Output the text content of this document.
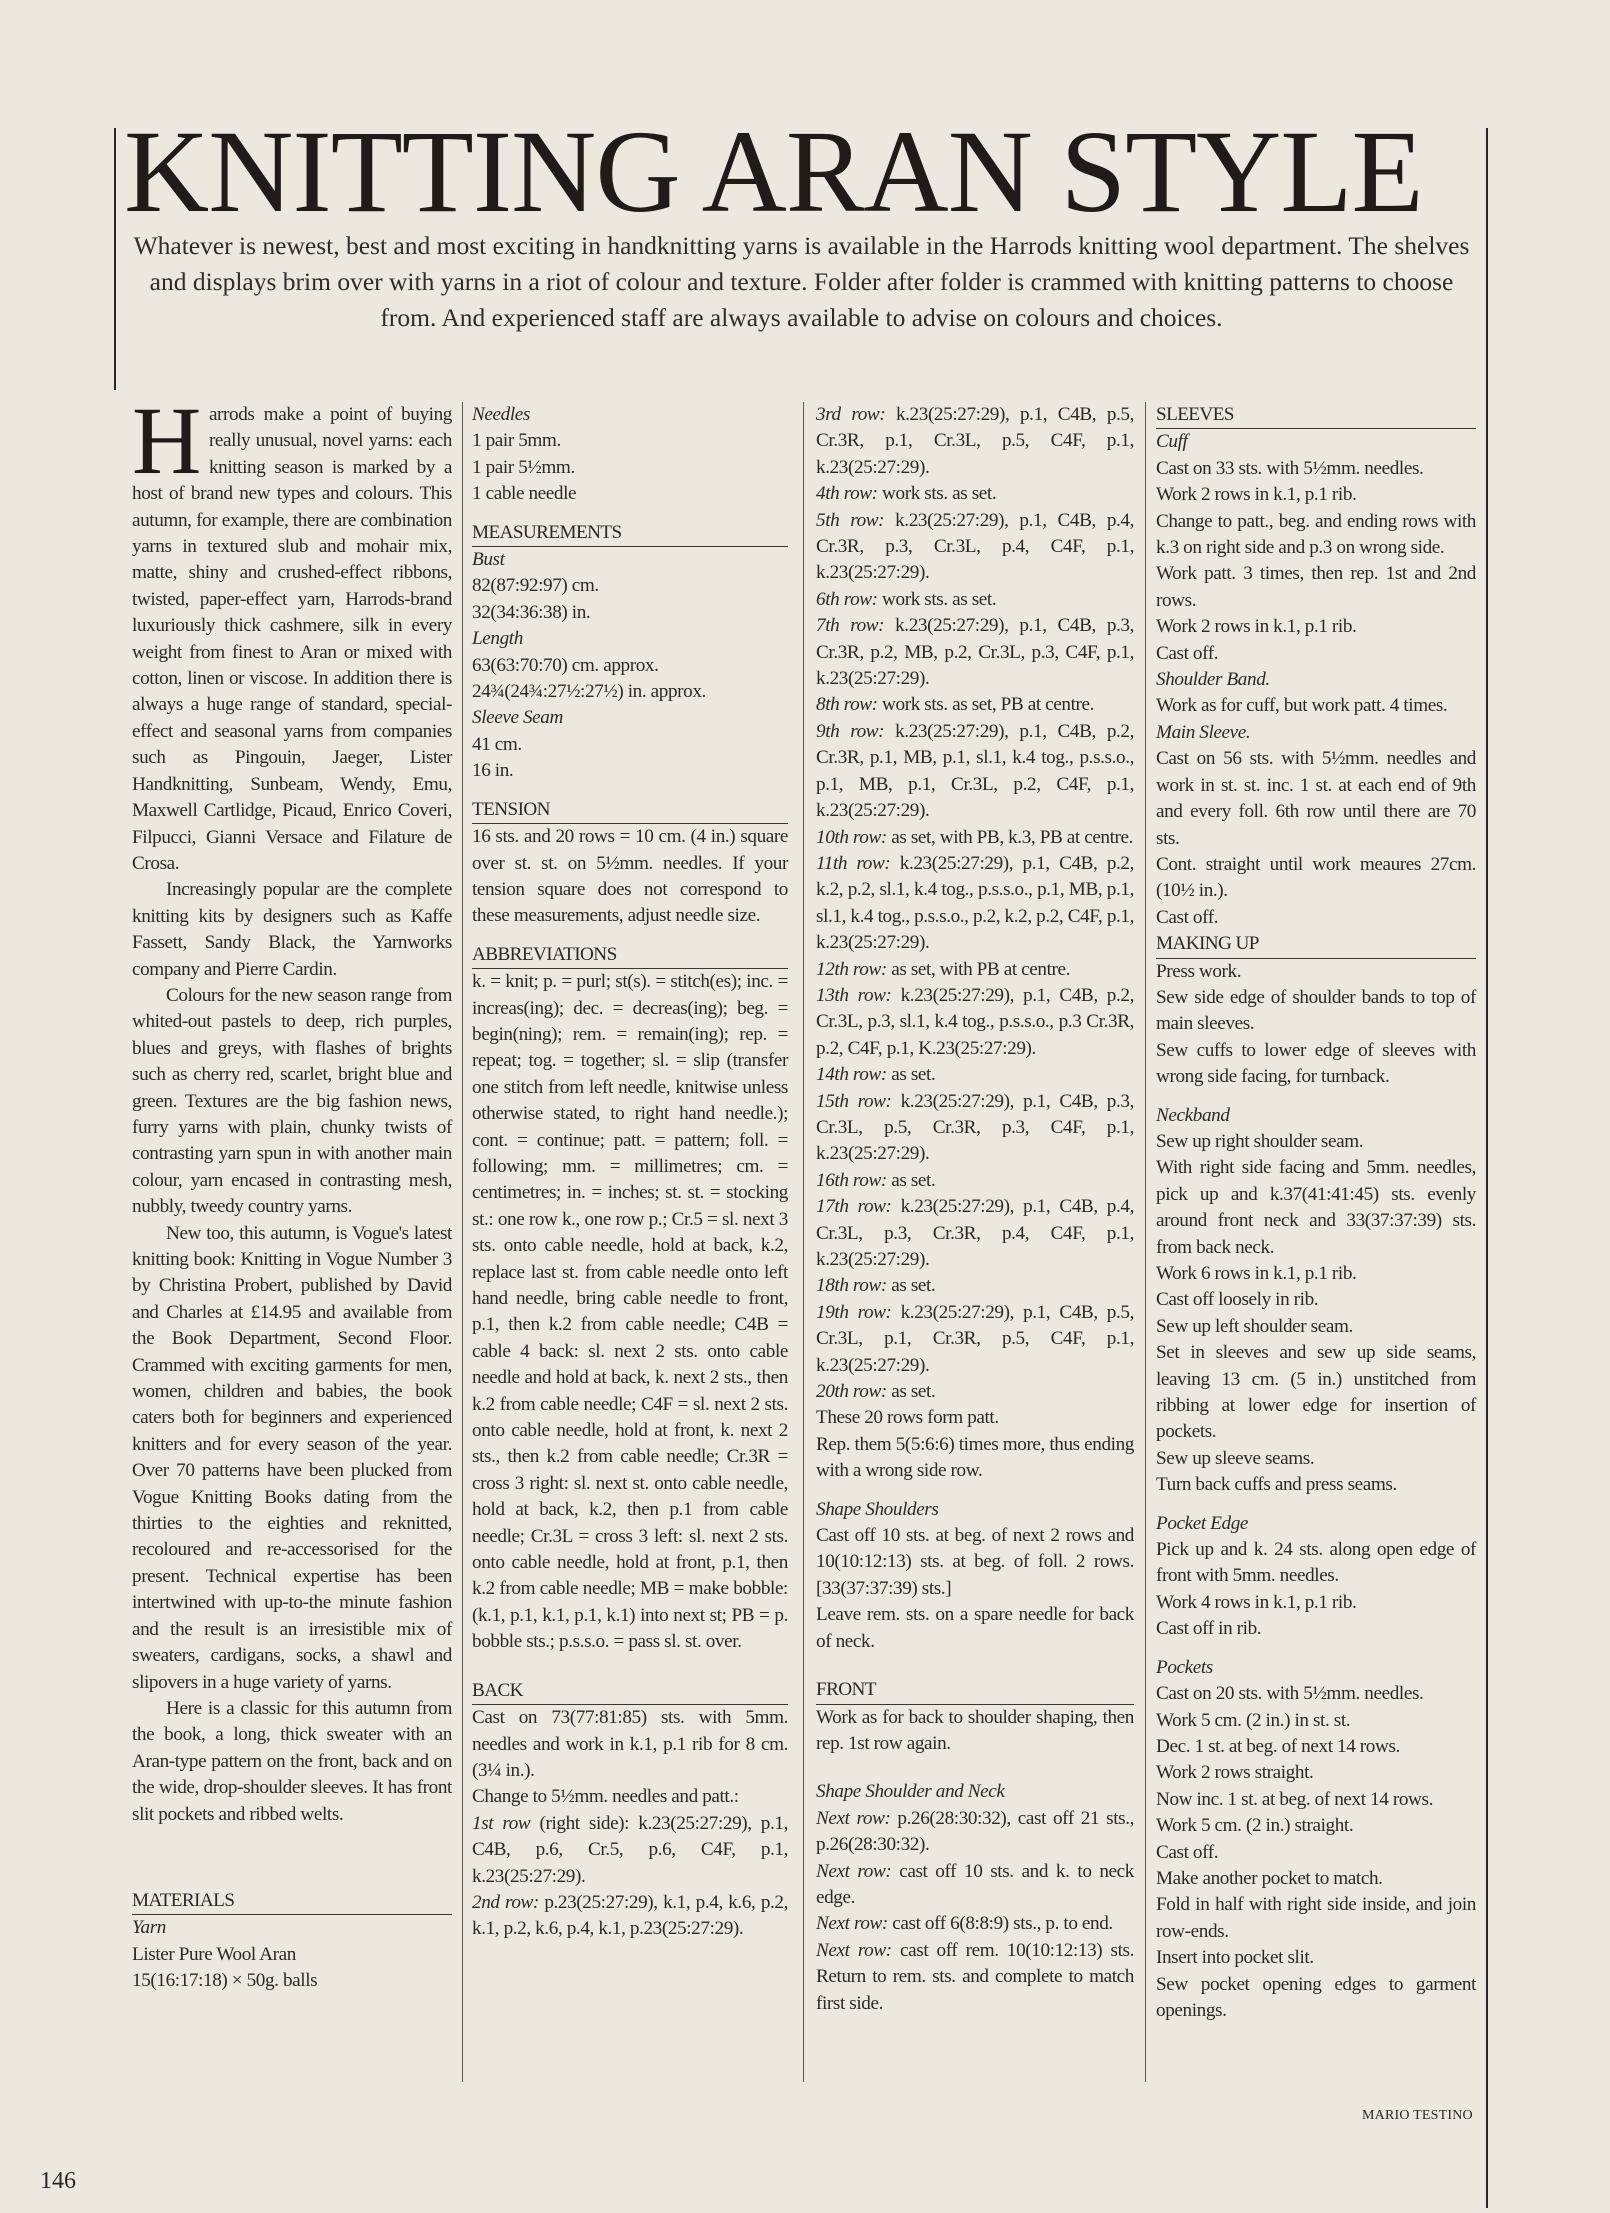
KNITTING ARAN STYLE
Whatever is newest, best and most exciting in handknitting yarns is available in the Harrods knitting wool department. The shelves and displays brim over with yarns in a riot of colour and texture. Folder after folder is crammed with knitting patterns to choose from. And experienced staff are always available to advise on colours and choices.

Harrods make a point of buying really unusual, novel yarns: each knitting season is marked by a host of brand new types and colours. This autumn, for example, there are combination yarns in textured slub and mohair mix, matte, shiny and crushed-effect ribbons, twisted, paper-effect yarn, Harrods-brand luxuriously thick cashmere, silk in every weight from finest to Aran or mixed with cotton, linen or viscose. In addition there is always a huge range of standard, special-effect and seasonal yarns from companies such as Pingouin, Jaeger, Lister Handknitting, Sunbeam, Wendy, Emu, Maxwell Cartlidge, Picaud, Enrico Coveri, Filpucci, Gianni Versace and Filature de Crosa.

Increasingly popular are the complete knitting kits by designers such as Kaffe Fassett, Sandy Black, the Yarnworks company and Pierre Cardin.

Colours for the new season range from whited-out pastels to deep, rich purples, blues and greys, with flashes of brights such as cherry red, scarlet, bright blue and green. Textures are the big fashion news, furry yarns with plain, chunky twists of contrasting yarn spun in with another main colour, yarn encased in contrasting mesh, nubbly, tweedy country yarns.

New too, this autumn, is Vogue's latest knitting book: Knitting in Vogue Number 3 by Christina Probert, published by David and Charles at £14.95 and available from the Book Department, Second Floor. Crammed with exciting garments for men, women, children and babies, the book caters both for beginners and experienced knitters and for every season of the year. Over 70 patterns have been plucked from Vogue Knitting Books dating from the thirties to the eighties and reknitted, recoloured and re-accessorised for the present. Technical expertise has been intertwined with up-to-the minute fashion and the result is an irresistible mix of sweaters, cardigans, socks, a shawl and slipovers in a huge variety of yarns.

Here is a classic for this autumn from the book, a long, thick sweater with an Aran-type pattern on the front, back and on the wide, drop-shoulder sleeves. It has front slit pockets and ribbed welts.

MATERIALS

Yarn

Lister Pure Wool Aran

15(16:17:18) × 50g. balls

Needles

1 pair 5mm.

1 pair 5½mm.

1 cable needle

MEASUREMENTS

Bust

82(87:92:97) cm.

32(34:36:38) in.

Length

63(63:70:70) cm. approx.

24¾(24¾:27½:27½) in. approx.

Sleeve Seam

41 cm.

16 in.

TENSION

16 sts. and 20 rows = 10 cm. (4 in.) square over st. st. on 5½mm. needles. If your tension square does not correspond to these measurements, adjust needle size.

ABBREVIATIONS

k. = knit; p. = purl; st(s). = stitch(es); inc. = increas(ing); dec. = decreas(ing); beg. = begin(ning); rem. = remain(ing); rep. = repeat; tog. = together; sl. = slip (transfer one stitch from left needle, knitwise unless otherwise stated, to right hand needle.); cont. = continue; patt. = pattern; foll. = following; mm. = millimetres; cm. = centimetres; in. = inches; st. st. = stocking st.: one row k., one row p.; Cr.5 = sl. next 3 sts. onto cable needle, hold at back, k.2, replace last st. from cable needle onto left hand needle, bring cable needle to front, p.1, then k.2 from cable needle; C4B = cable 4 back: sl. next 2 sts. onto cable needle and hold at back, k. next 2 sts., then k.2 from cable needle; C4F = sl. next 2 sts. onto cable needle, hold at front, k. next 2 sts., then k.2 from cable needle; Cr.3R = cross 3 right: sl. next st. onto cable needle, hold at back, k.2, then p.1 from cable needle; Cr.3L = cross 3 left: sl. next 2 sts. onto cable needle, hold at front, p.1, then k.2 from cable needle; MB = make bobble: (k.1, p.1, k.1, p.1, k.1) into next st; PB = p. bobble sts.; p.s.s.o. = pass sl. st. over.

BACK

Cast on 73(77:81:85) sts. with 5mm. needles and work in k.1, p.1 rib for 8 cm. (3¼ in.).

Change to 5½mm. needles and patt.:

1st row (right side): k.23(25:27:29), p.1, C4B, p.6, Cr.5, p.6, C4F, p.1, k.23(25:27:29).

2nd row: p.23(25:27:29), k.1, p.4, k.6, p.2, k.1, p.2, k.6, p.4, k.1, p.23(25:27:29).

3rd row: k.23(25:27:29), p.1, C4B, p.5, Cr.3R, p.1, Cr.3L, p.5, C4F, p.1, k.23(25:27:29).

4th row: work sts. as set.

5th row: k.23(25:27:29), p.1, C4B, p.4, Cr.3R, p.3, Cr.3L, p.4, C4F, p.1, k.23(25:27:29).

6th row: work sts. as set.

7th row: k.23(25:27:29), p.1, C4B, p.3, Cr.3R, p.2, MB, p.2, Cr.3L, p.3, C4F, p.1, k.23(25:27:29).

8th row: work sts. as set, PB at centre.

9th row: k.23(25:27:29), p.1, C4B, p.2, Cr.3R, p.1, MB, p.1, sl.1, k.4 tog., p.s.s.o., p.1, MB, p.1, Cr.3L, p.2, C4F, p.1, k.23(25:27:29).

10th row: as set, with PB, k.3, PB at centre.

11th row: k.23(25:27:29), p.1, C4B, p.2, k.2, p.2, sl.1, k.4 tog., p.s.s.o., p.1, MB, p.1, sl.1, k.4 tog., p.s.s.o., p.2, k.2, p.2, C4F, p.1, k.23(25:27:29).

12th row: as set, with PB at centre.

13th row: k.23(25:27:29), p.1, C4B, p.2, Cr.3L, p.3, sl.1, k.4 tog., p.s.s.o., p.3 Cr.3R, p.2, C4F, p.1, K.23(25:27:29).

14th row: as set.

15th row: k.23(25:27:29), p.1, C4B, p.3, Cr.3L, p.5, Cr.3R, p.3, C4F, p.1, k.23(25:27:29).

16th row: as set.

17th row: k.23(25:27:29), p.1, C4B, p.4, Cr.3L, p.3, Cr.3R, p.4, C4F, p.1, k.23(25:27:29).

18th row: as set.

19th row: k.23(25:27:29), p.1, C4B, p.5, Cr.3L, p.1, Cr.3R, p.5, C4F, p.1, k.23(25:27:29).

20th row: as set.

These 20 rows form patt.

Rep. them 5(5:6:6) times more, thus ending with a wrong side row.

Shape Shoulders

Cast off 10 sts. at beg. of next 2 rows and 10(10:12:13) sts. at beg. of foll. 2 rows. [33(37:37:39) sts.]

Leave rem. sts. on a spare needle for back of neck.

FRONT

Work as for back to shoulder shaping, then rep. 1st row again.

Shape Shoulder and Neck

Next row: p.26(28:30:32), cast off 21 sts., p.26(28:30:32).

Next row: cast off 10 sts. and k. to neck edge.

Next row: cast off 6(8:8:9) sts., p. to end.

Next row: cast off rem. 10(10:12:13) sts. Return to rem. sts. and complete to match first side.

SLEEVES

Cuff

Cast on 33 sts. with 5½mm. needles.

Work 2 rows in k.1, p.1 rib.

Change to patt., beg. and ending rows with k.3 on right side and p.3 on wrong side.

Work patt. 3 times, then rep. 1st and 2nd rows.

Work 2 rows in k.1, p.1 rib.

Cast off.

Shoulder Band.

Work as for cuff, but work patt. 4 times.

Main Sleeve.

Cast on 56 sts. with 5½mm. needles and work in st. st. inc. 1 st. at each end of 9th and every foll. 6th row until there are 70 sts.

Cont. straight until work meaures 27cm. (10½ in.).

Cast off.

MAKING UP

Press work.

Sew side edge of shoulder bands to top of main sleeves.

Sew cuffs to lower edge of sleeves with wrong side facing, for turnback.

Neckband

Sew up right shoulder seam.

With right side facing and 5mm. needles, pick up and k.37(41:41:45) sts. evenly around front neck and 33(37:37:39) sts. from back neck.

Work 6 rows in k.1, p.1 rib.

Cast off loosely in rib.

Sew up left shoulder seam.

Set in sleeves and sew up side seams, leaving 13 cm. (5 in.) unstitched from ribbing at lower edge for insertion of pockets.

Sew up sleeve seams.

Turn back cuffs and press seams.

Pocket Edge

Pick up and k. 24 sts. along open edge of front with 5mm. needles.

Work 4 rows in k.1, p.1 rib.

Cast off in rib.

Pockets

Cast on 20 sts. with 5½mm. needles.

Work 5 cm. (2 in.) in st. st.

Dec. 1 st. at beg. of next 14 rows.

Work 2 rows straight.

Now inc. 1 st. at beg. of next 14 rows.

Work 5 cm. (2 in.) straight.

Cast off.

Make another pocket to match.

Fold in half with right side inside, and join row-ends.

Insert into pocket slit.

Sew pocket opening edges to garment openings.

MARIO TESTINO
146
